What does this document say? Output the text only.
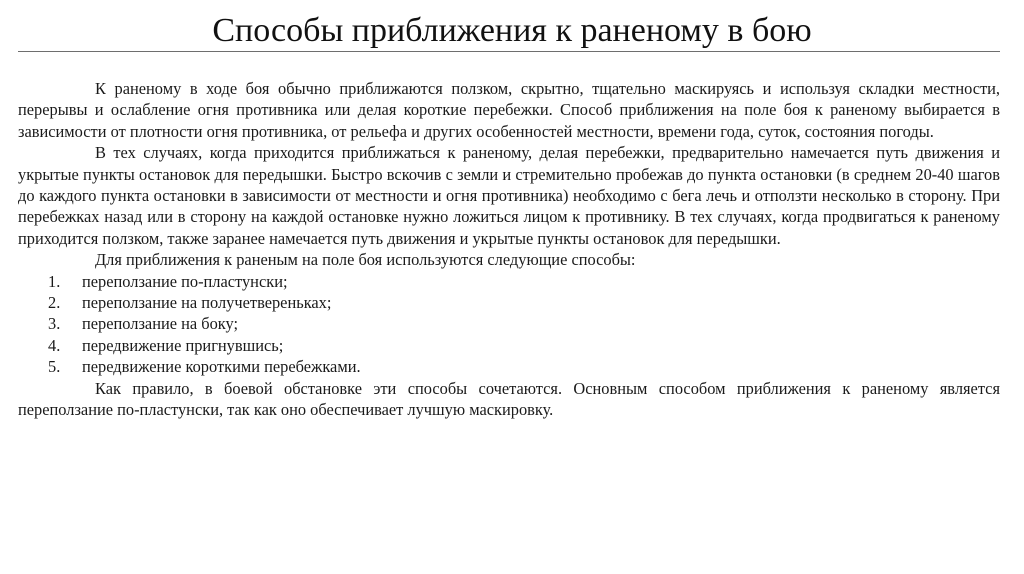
Способы приближения к раненому в бою

К раненому в ходе боя обычно приближаются ползком, скрытно, тщательно маскируясь и используя складки местности, перерывы и ослабление огня противника или делая короткие перебежки. Способ приближения на поле боя к раненому выбирается в зависимости от плотности огня противника, от рельефа и других особенностей местности, времени года, суток, состояния погоды.

В тех случаях, когда приходится приближаться к раненому, делая перебежки, предварительно намечается путь движения и укрытые пункты остановок для передышки. Быстро вскочив с земли и стремительно пробежав до пункта остановки (в среднем 20-40 шагов до каждого пункта остановки в зависимости от местности и огня противника) необходимо с бега лечь и отползти несколько в сторону. При перебежках назад или в сторону на каждой остановке нужно ложиться лицом к противнику. В тех случаях, когда продвигаться к раненому приходится ползком, также заранее намечается путь движения и укрытые пункты остановок для передышки.

Для приближения к раненым на поле боя используются следующие способы:

1.	переползание по-пластунски;
2.	переползание на получетвереньках;
3.	переползание на боку;
4.	передвижение пригнувшись;
5.	передвижение короткими перебежками.

Как правило, в боевой обстановке эти способы сочетаются. Основным способом приближения к раненому является переползание по-пластунски, так как оно обеспечивает лучшую маскировку.
